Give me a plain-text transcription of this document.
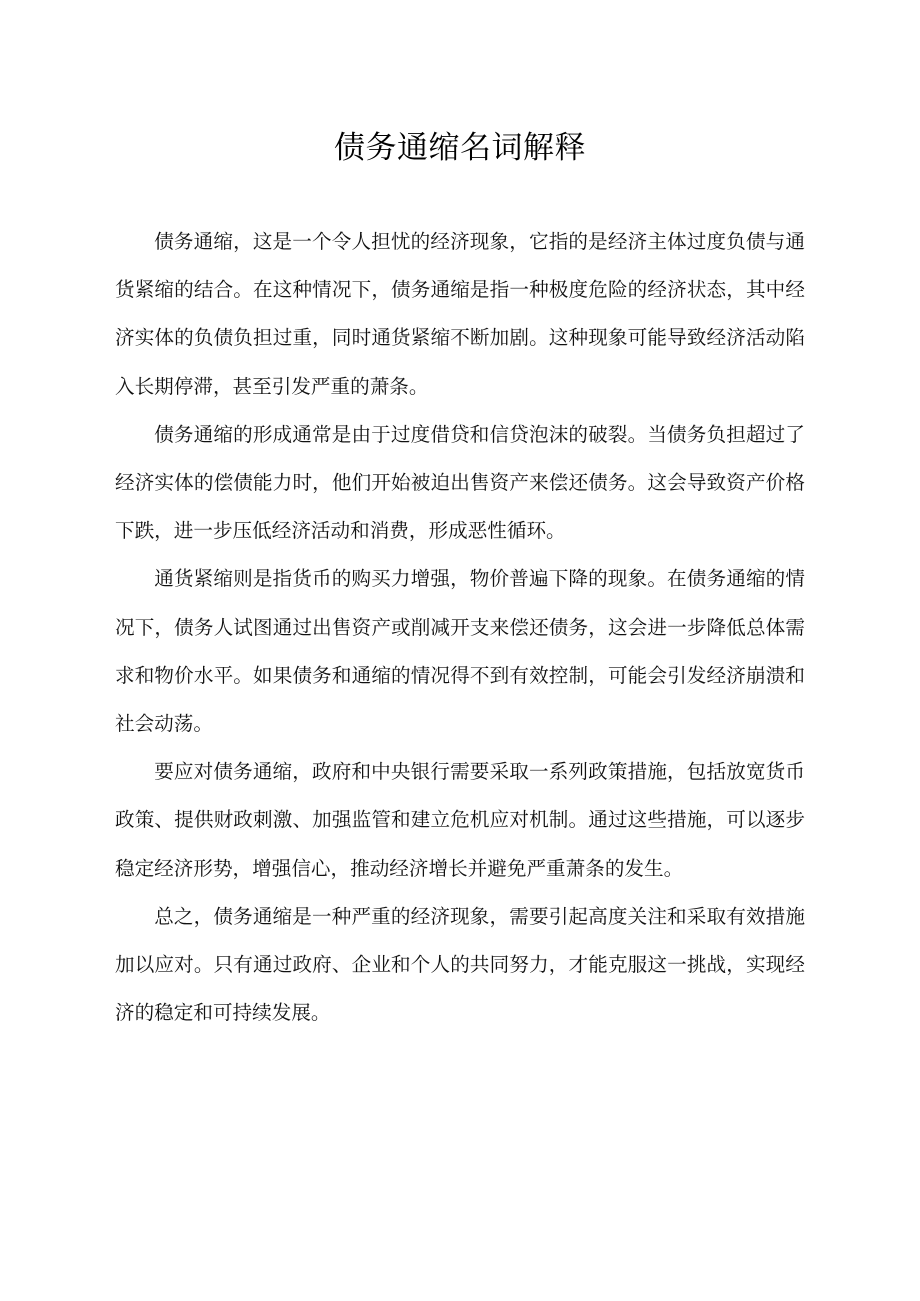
债务通缩名词解释

债务通缩，这是一个令人担忧的经济现象，它指的是经济主体过度负债与通货紧缩的结合。在这种情况下，债务通缩是指一种极度危险的经济状态，其中经济实体的负债负担过重，同时通货紧缩不断加剧。这种现象可能导致经济活动陷入长期停滞，甚至引发严重的萧条。

债务通缩的形成通常是由于过度借贷和信贷泡沫的破裂。当债务负担超过了经济实体的偿债能力时，他们开始被迫出售资产来偿还债务。这会导致资产价格下跌，进一步压低经济活动和消费，形成恶性循环。

通货紧缩则是指货币的购买力增强，物价普遍下降的现象。在债务通缩的情况下，债务人试图通过出售资产或削减开支来偿还债务，这会进一步降低总体需求和物价水平。如果债务和通缩的情况得不到有效控制，可能会引发经济崩溃和社会动荡。

要应对债务通缩，政府和中央银行需要采取一系列政策措施，包括放宽货币政策、提供财政刺激、加强监管和建立危机应对机制。通过这些措施，可以逐步稳定经济形势，增强信心，推动经济增长并避免严重萧条的发生。

总之，债务通缩是一种严重的经济现象，需要引起高度关注和采取有效措施加以应对。只有通过政府、企业和个人的共同努力，才能克服这一挑战，实现经济的稳定和可持续发展。
